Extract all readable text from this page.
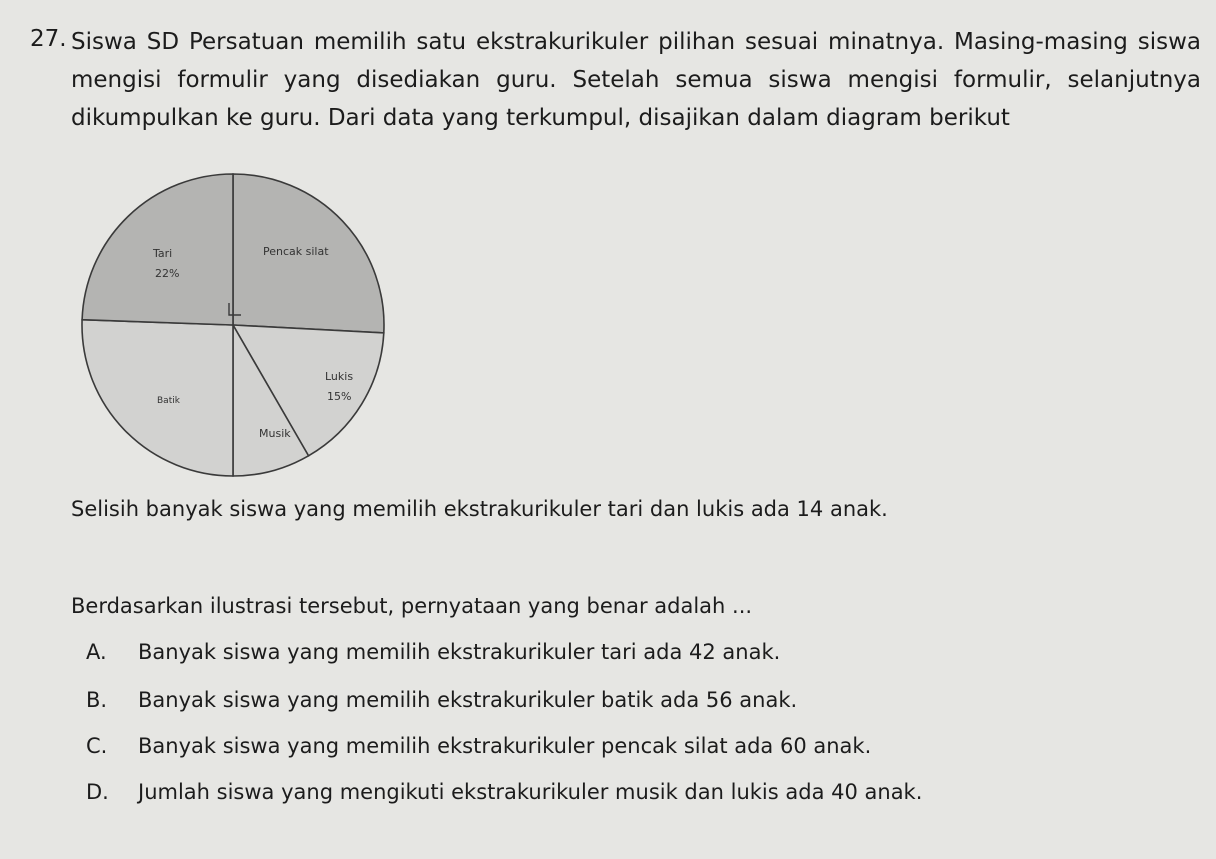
27. Siswa SD Persatuan memilih satu ekstrakurikuler pilihan sesuai minatnya. Masing-masing siswa
mengisi formulir yang disediakan guru. Setelah semua siswa mengisi formulir, selanjutnya
dikumpulkan ke guru. Dari data yang terkumpul, disajikan dalam diagram berikut
Pencak silat
Lukis
15%
Musik
Batik
Tari
22%
Selisih banyak siswa yang memilih ekstrakurikuler tari dan lukis ada 14 anak.
Berdasarkan ilustrasi tersebut, pernyataan yang benar adalah ...
A. Banyak siswa yang memilih ekstrakurikuler tari ada 42 anak.
B. Banyak siswa yang memilih ekstrakurikuler batik ada 56 anak.
C. Banyak siswa yang memilih ekstrakurikuler pencak silat ada 60 anak.
D. Jumlah siswa yang mengikuti ekstrakurikuler musik dan lukis ada 40 anak.
